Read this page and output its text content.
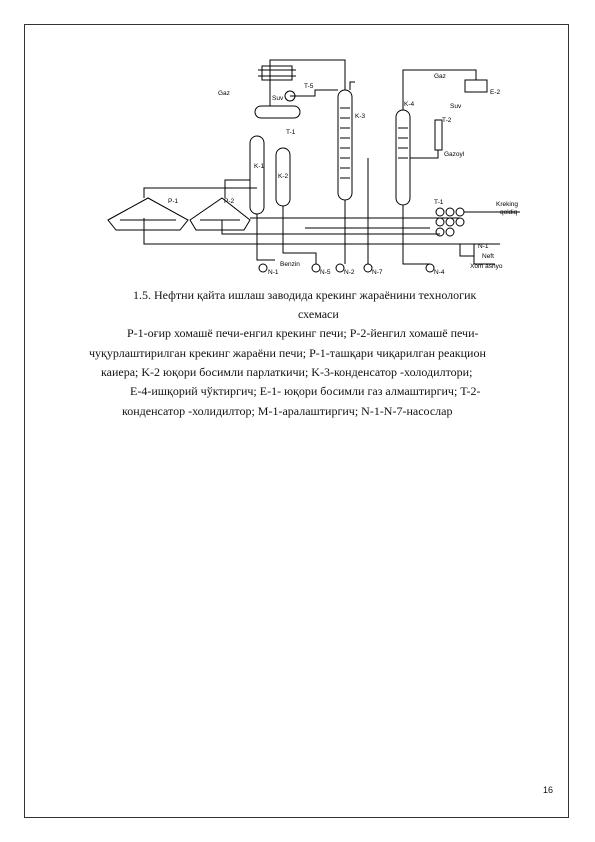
Gaz
Suv
T-5
T-1
K-3
K-4
Gaz
Suv
E-2
T-2
Gazoyl
K-1
K-2
P-1	P-2	T-1	Kreking
qoldiq
N-1
Neft
Xom ashyo
Benzin
N-1	N-5 N-2	N-7	N-4
1.5. Нефтни қайта ишлаш заводида крекинг жараёнини технологик
схемаси
P-1-оғир хомашё печи-енгил крекинг печи; P-2-йенгил хомашё печи-
чуқурлаштирилган крекинг жараёни печи; P-1-ташқари чиқарилган реакцион
каиера; K-2 юқори босимли парлаткичи; K-3-конденсатор -холодилтори;
E-4-ишқорий чўктиргич; E-1- юқори босимли газ алмаштиргич; T-2-
конденсатор -холидилтор; M-1-аралаштиргич; N-1-N-7-насослар
16
